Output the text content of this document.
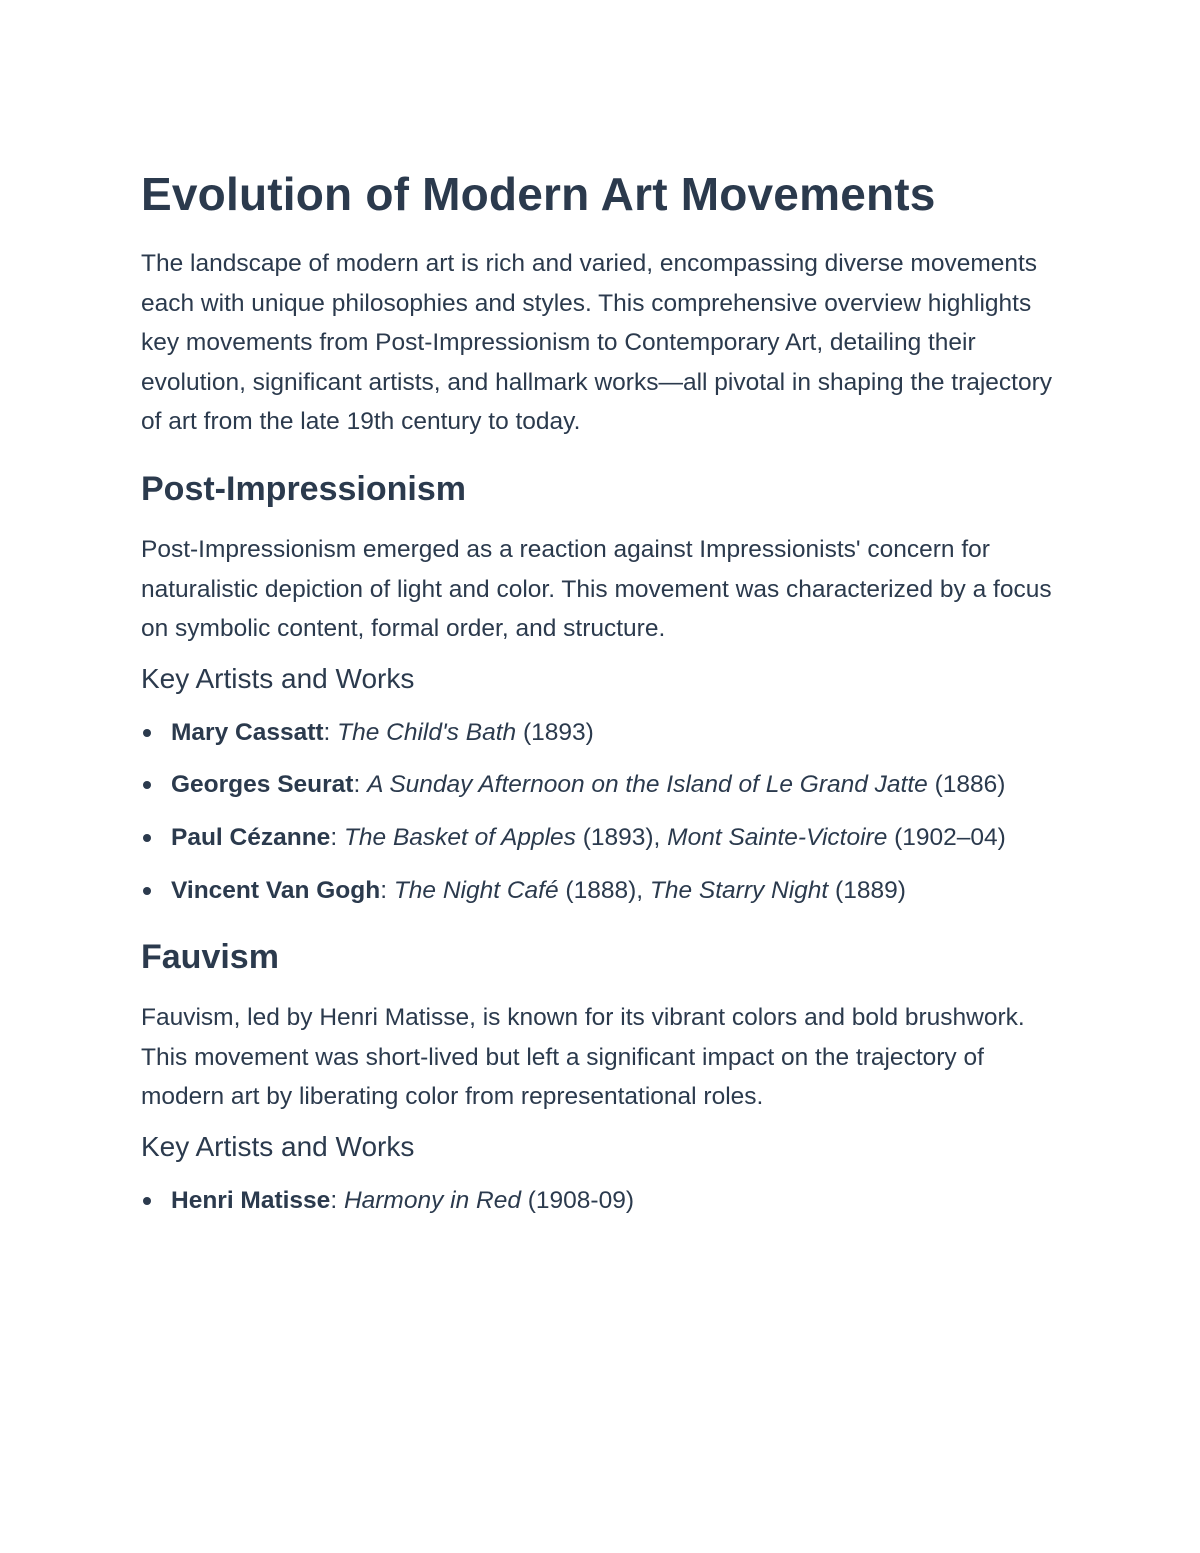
Evolution of Modern Art Movements

The landscape of modern art is rich and varied, encompassing diverse movements each with unique philosophies and styles. This comprehensive overview highlights key movements from Post-Impressionism to Contemporary Art, detailing their evolution, significant artists, and hallmark works—all pivotal in shaping the trajectory of art from the late 19th century to today.

Post-Impressionism

Post-Impressionism emerged as a reaction against Impressionists' concern for naturalistic depiction of light and color. This movement was characterized by a focus on symbolic content, formal order, and structure.

Key Artists and Works
Mary Cassatt: The Child's Bath (1893)
Georges Seurat: A Sunday Afternoon on the Island of Le Grand Jatte (1886)
Paul Cézanne: The Basket of Apples (1893), Mont Sainte-Victoire (1902–04)
Vincent Van Gogh: The Night Café (1888), The Starry Night (1889)
Fauvism

Fauvism, led by Henri Matisse, is known for its vibrant colors and bold brushwork. This movement was short-lived but left a significant impact on the trajectory of modern art by liberating color from representational roles.

Key Artists and Works
Henri Matisse: Harmony in Red (1908-09)
